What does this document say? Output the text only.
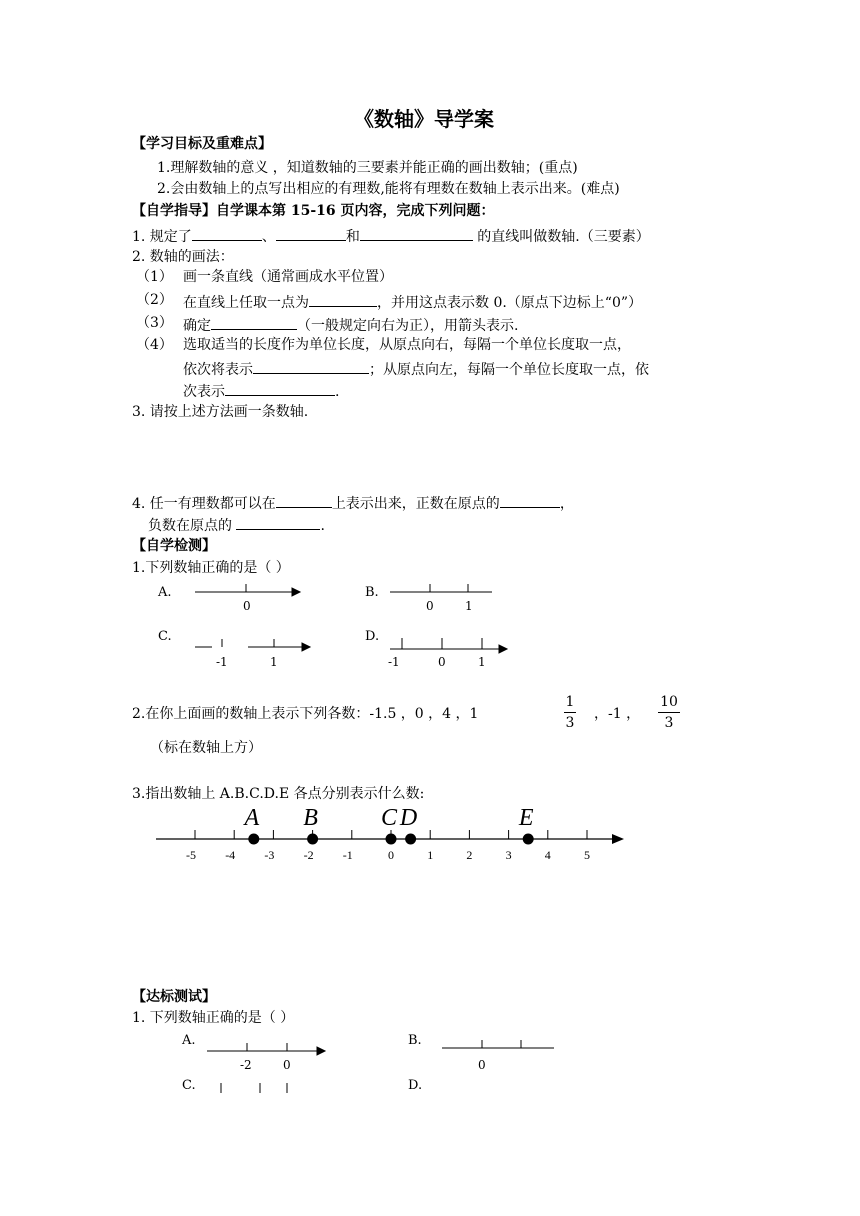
《数轴》导学案
【学习目标及重难点】
1.理解数轴的意义 ，知道数轴的三要素并能正确的画出数轴；(重点)
2.会由数轴上的点写出相应的有理数,能将有理数在数轴上表示出来。(难点)
【自学指导】自学课本第 15-16 页内容，完成下列问题：
1. 规定了	、	和	的直线叫做数轴.（三要素）
2. 数轴的画法：
（1） 画一条直线（通常画成水平位置）
（2） 在直线上任取一点为	，并用这点表示数 0.（原点下边标上“0”）
（3） 确定	（一般规定向右为正），用箭头表示.
（4） 选取适当的长度作为单位长度，从原点向右，每隔一个单位长度取一点，
依次将表示	；从原点向左，每隔一个单位长度取一点，依
次表示	.
3. 请按上述方法画一条数轴.
4. 任一有理数都可以在	上表示出来，正数在原点的	，
负数在原点的	.
【自学检测】
1.下列数轴正确的是（ ）
A.	B.
C.	D.
0	0	1
-1	1	-1	0	1
2.在你上面画的数轴上表示下列各数：-1.5 ，0 ，4 ，1
1
3
，-1 ，
10
3
（标在数轴上方）
3.指出数轴上 A.B.C.D.E 各点分别表示什么数:
-5 -4 -3 -2 -1	0	1	2	3	4	5
A B	C D	E
【达标测试】
1. 下列数轴正确的是（ ）
A.	B.
C.	D.
-2	0	0
